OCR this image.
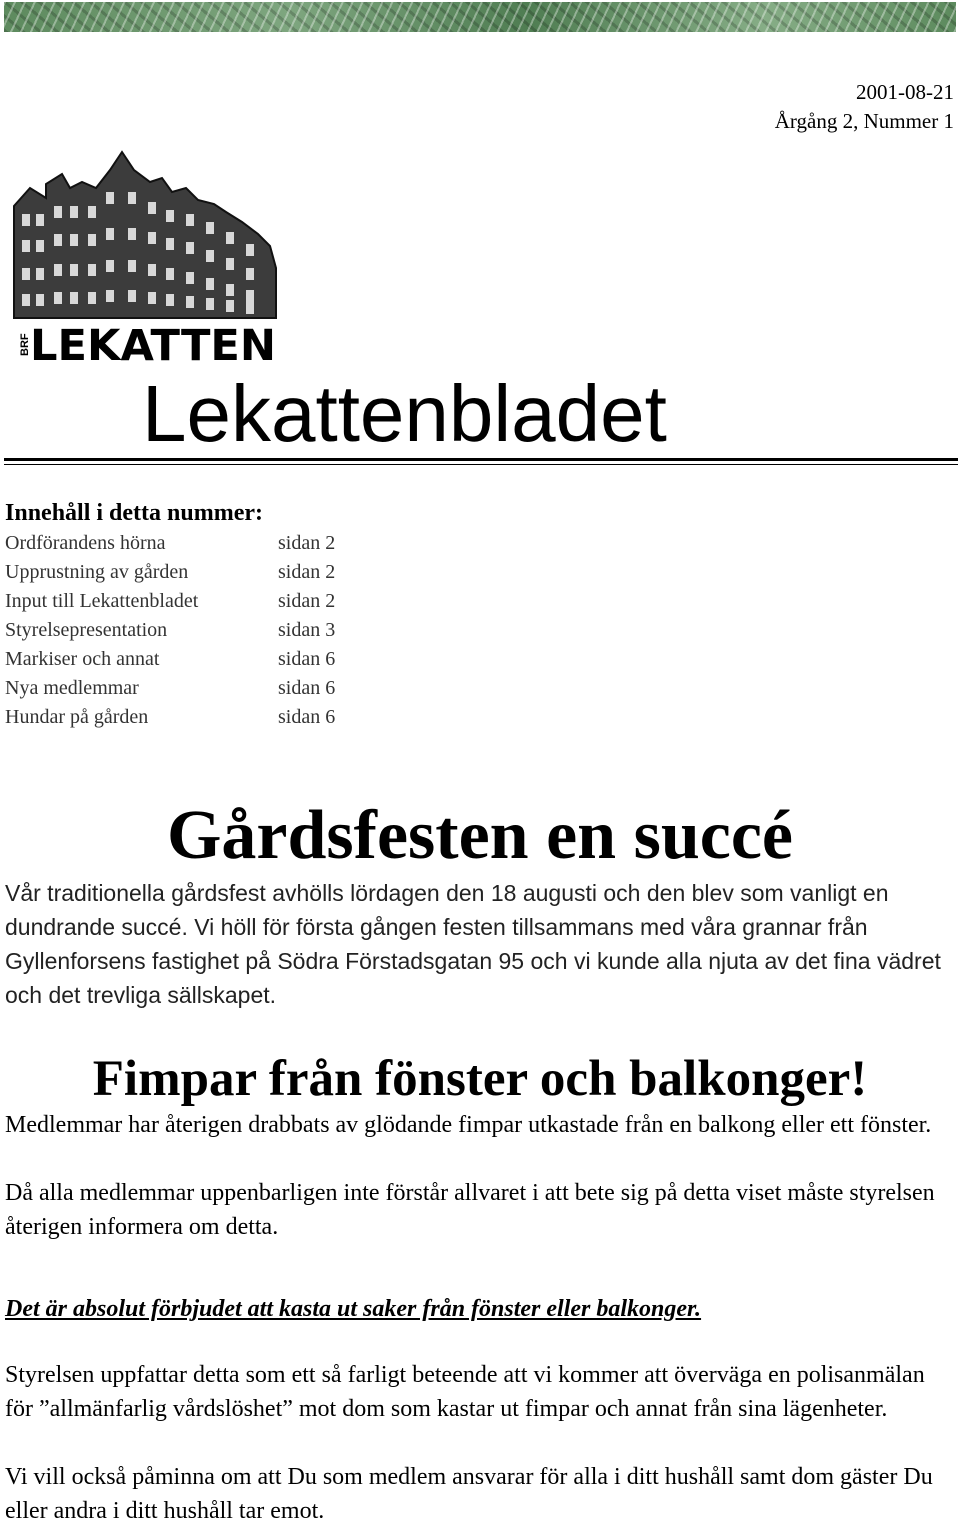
2001-08-21
Årgång 2, Nummer 1
BRF LEKATTEN
Lekattenbladet
Innehåll i detta nummer:
Ordförandens hörna	sidan 2
Upprustning av gården	sidan 2
Input till Lekattenbladet	sidan 2
Styrelsepresentation	sidan 3
Markiser och annat	sidan 6
Nya medlemmar	sidan 6
Hundar på gården	sidan 6
Gårdsfesten en succé

Vår traditionella gårdsfest avhölls lördagen den 18 augusti och den blev som vanligt en dundrande succé. Vi höll för första gången festen tillsammans med våra grannar från Gyllenforsens fastighet på Södra Förstadsgatan 95 och vi kunde alla njuta av det fina vädret och det trevliga sällskapet.

Fimpar från fönster och balkonger!

Medlemmar har återigen drabbats av glödande fimpar utkastade från en balkong eller ett fönster.

Då alla medlemmar uppenbarligen inte förstår allvaret i att bete sig på detta viset måste styrelsen återigen informera om detta.

Det är absolut förbjudet att kasta ut saker från fönster eller balkonger.

Styrelsen uppfattar detta som ett så farligt beteende att vi kommer att överväga en polisanmälan för ”allmänfarlig vårdslöshet” mot dom som kastar ut fimpar och annat från sina lägenheter.

Vi vill också påminna om att Du som medlem ansvarar för alla i ditt hushåll samt dom gäster Du eller andra i ditt hushåll tar emot.
